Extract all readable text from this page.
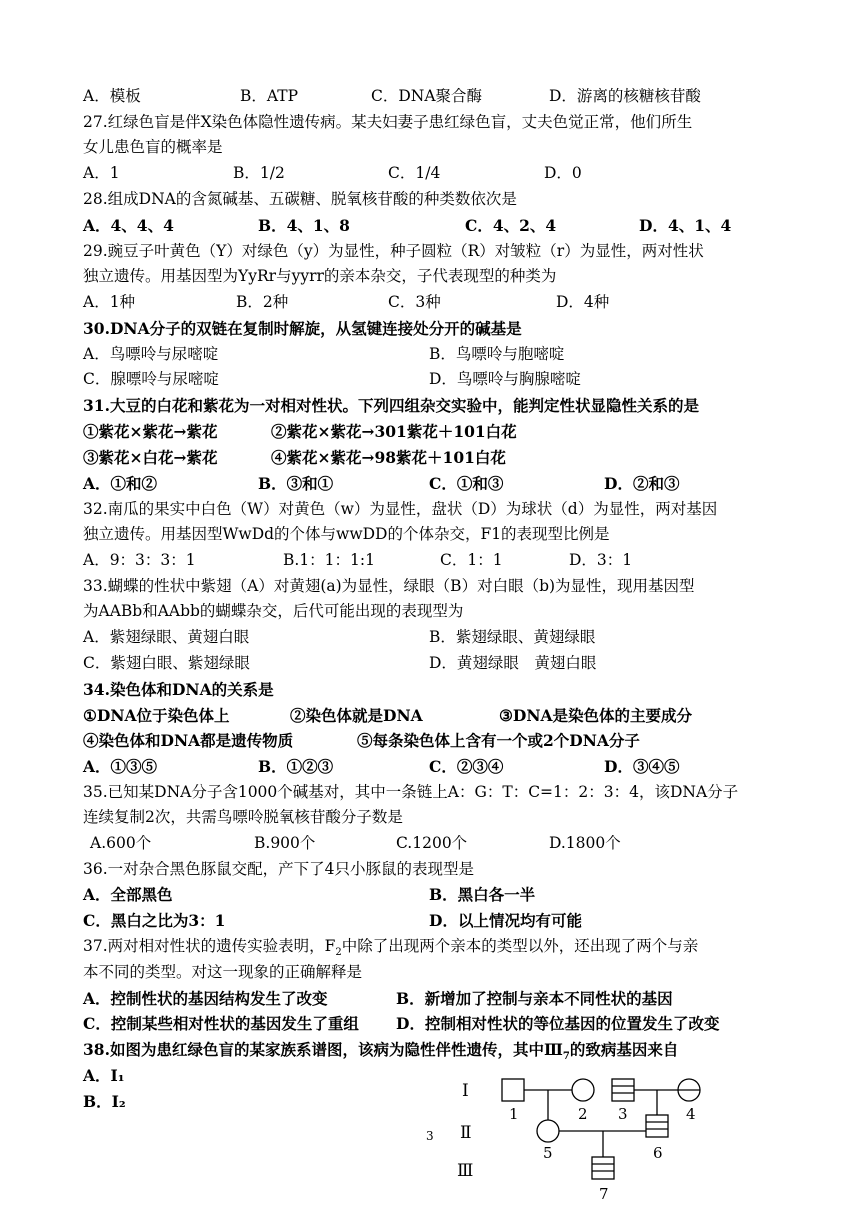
A．模板	B．ATP	C．DNA聚合酶	D．游离的核糖核苷酸
27.红绿色盲是伴X染色体隐性遗传病。某夫妇妻子患红绿色盲，丈夫色觉正常，他们所生
女儿患色盲的概率是
A．1	B．1/2	C．1/4	D．0
28.组成DNA的含氮碱基、五碳糖、脱氧核苷酸的种类数依次是
A．4、4、4	B．4、1、8	C．4、2、4	D．4、1、4
29.豌豆子叶黄色（Y）对绿色（y）为显性，种子圆粒（R）对皱粒（r）为显性，两对性状
独立遗传。用基因型为YyRr与yyrr的亲本杂交，子代表现型的种类为
A．1种	B．2种	C．3种	D．4种
30.DNA分子的双链在复制时解旋，从氢键连接处分开的碱基是
A．鸟嘌呤与尿嘧啶	B．鸟嘌呤与胞嘧啶
C．腺嘌呤与尿嘧啶	D．鸟嘌呤与胸腺嘧啶
31.大豆的白花和紫花为一对相对性状。下列四组杂交实验中，能判定性状显隐性关系的是
①紫花×紫花→紫花	②紫花×紫花→301紫花＋101白花
③紫花×白花→紫花	④紫花×紫花→98紫花＋101白花
A．①和②	B．③和①	C．①和③	D．②和③
32.南瓜的果实中白色（W）对黄色（w）为显性，盘状（D）为球状（d）为显性，两对基因
独立遗传。用基因型WwDd的个体与wwDD的个体杂交，F1的表现型比例是
A．9：3：3：1	B.1：1：1:1	C．1：1	D．3：1
33.蝴蝶的性状中紫翅（A）对黄翅(a)为显性，绿眼（B）对白眼（b)为显性，现用基因型
为AABb和AAbb的蝴蝶杂交，后代可能出现的表现型为
A．紫翅绿眼、黄翅白眼	B．紫翅绿眼、黄翅绿眼
C．紫翅白眼、紫翅绿眼	D．黄翅绿眼　黄翅白眼
34.染色体和DNA的关系是
①DNA位于染色体上	②染色体就是DNA	③DNA是染色体的主要成分
④染色体和DNA都是遗传物质	⑤每条染色体上含有一个或2个DNA分子
A．①③⑤	B．①②③	C．②③④	D．③④⑤
35.已知某DNA分子含1000个碱基对，其中一条链上A：G：T：C=1：2：3：4，该DNA分子
连续复制2次，共需鸟嘌呤脱氧核苷酸分子数是
A.600个	B.900个	C.1200个	D.1800个
36.一对杂合黑色豚鼠交配，产下了4只小豚鼠的表现型是
A．全部黑色	B．黑白各一半
C．黑白之比为3：1	D．以上情况均有可能
37.两对相对性状的遗传实验表明，$F_2$中除了出现两个亲本的类型以外，还出现了两个与亲
本不同的类型。对这一现象的正确解释是
A．控制性状的基因结构发生了改变	B．新增加了控制与亲本不同性状的基因
C．控制某些相对性状的基因发生了重组 D．控制相对性状的等位基因的位置发生了改变
38.如图为患红绿色盲的某家族系谱图，该病为隐性伴性遗传，其中$Ⅲ_7$的致病基因来自
A．Ⅰ₁
B．Ⅰ₂
Ⅰ
Ⅱ
Ⅲ
3
1	2 3	4
5	6
7
